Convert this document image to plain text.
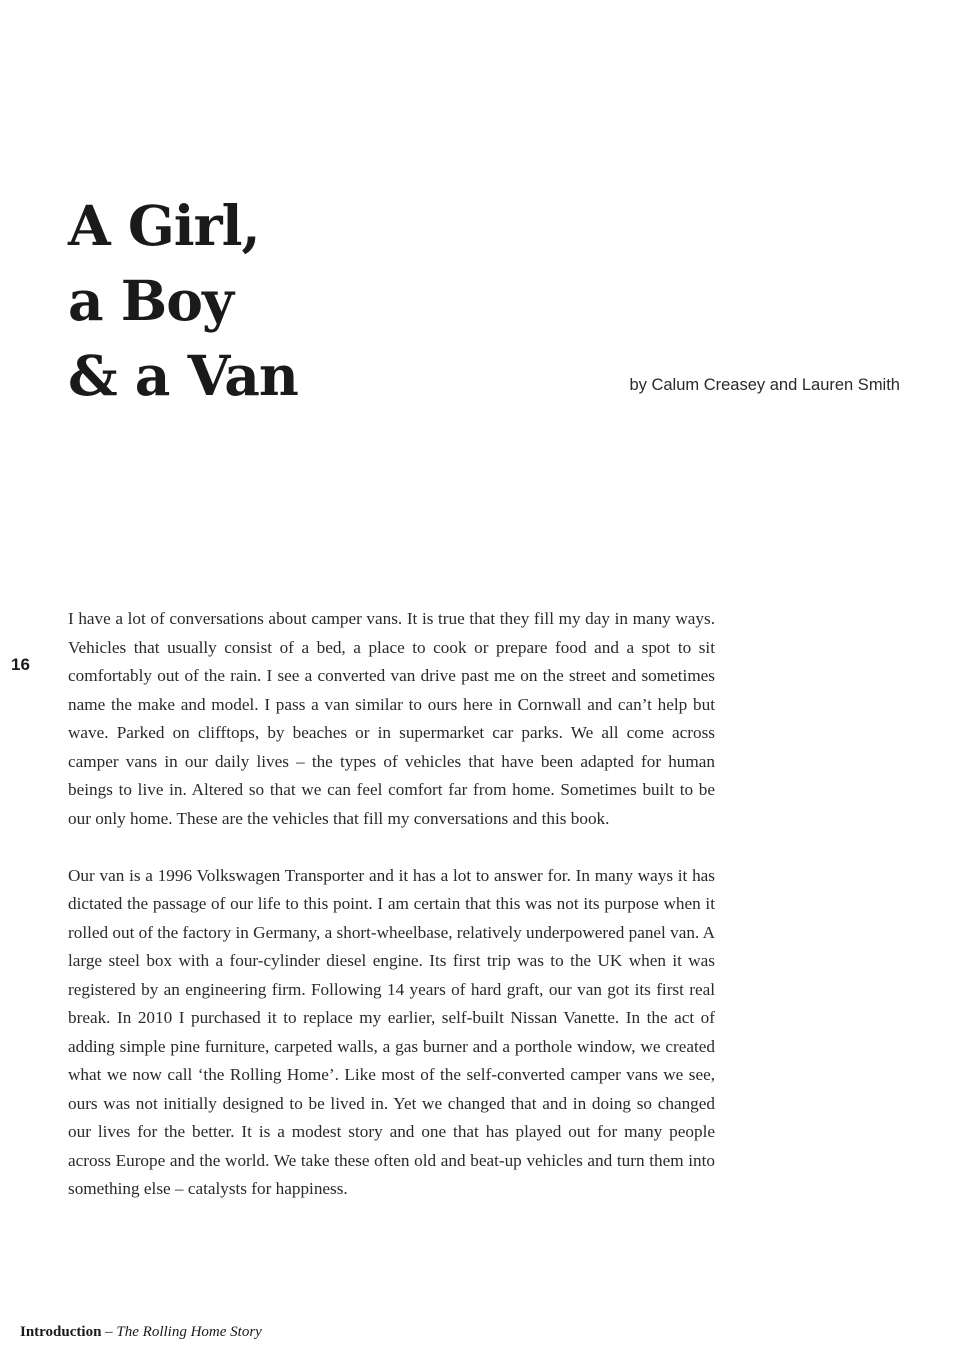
A Girl,
a Boy
& a Van	by Calum Creasey and Lauren Smith
16

I have a lot of conversations about camper vans. It is true that they fill my day in many ways. Vehicles that usually consist of a bed, a place to cook or prepare food and a spot to sit comfortably out of the rain. I see a converted van drive past me on the street and sometimes name the make and model. I pass a van similar to ours here in Cornwall and can’t help but wave. Parked on clifftops, by beaches or in supermarket car parks. We all come across camper vans in our daily lives – the types of vehicles that have been adapted for human beings to live in. Altered so that we can feel comfort far from home. Sometimes built to be our only home. These are the vehicles that fill my conversations and this book.

Our van is a 1996 Volkswagen Transporter and it has a lot to answer for. In many ways it has dictated the passage of our life to this point. I am certain that this was not its purpose when it rolled out of the factory in Germany, a short-wheelbase, relatively underpowered panel van. A large steel box with a four-cylinder diesel engine. Its first trip was to the UK when it was registered by an engineering firm. Following 14 years of hard graft, our van got its first real break. In 2010 I purchased it to replace my earlier, self-built Nissan Vanette. In the act of adding simple pine furniture, carpeted walls, a gas burner and a porthole window, we created what we now call ‘the Rolling Home’. Like most of the self-converted camper vans we see, ours was not initially designed to be lived in. Yet we changed that and in doing so changed our lives for the better. It is a modest story and one that has played out for many people across Europe and the world. We take these often old and beat-up vehicles and turn them into something else – catalysts for happiness.

Introduction – The Rolling Home Story
